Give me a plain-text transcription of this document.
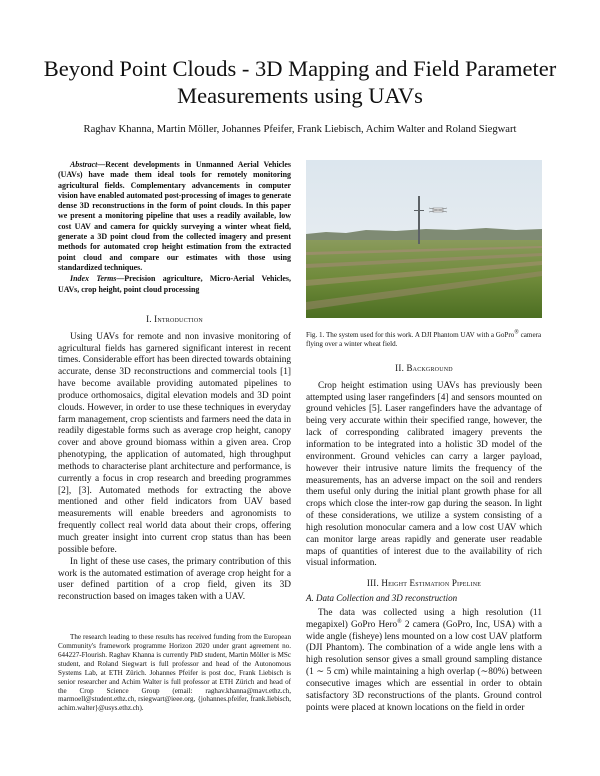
Beyond Point Clouds - 3D Mapping and Field Parameter Measurements using UAVs
Raghav Khanna, Martin Möller, Johannes Pfeifer, Frank Liebisch, Achim Walter and Roland Siegwart

Abstract—Recent developments in Unmanned Aerial Vehicles (UAVs) have made them ideal tools for remotely monitoring agricultural fields. Complementary advancements in computer vision have enabled automated post-processing of images to generate dense 3D reconstructions in the form of point clouds. In this paper we present a monitoring pipeline that uses a readily available, low cost UAV and camera for quickly surveying a winter wheat field, generate a 3D point cloud from the collected imagery and present methods for automated crop height estimation from the extracted point cloud and compare our estimates with those using standardized techniques.

Index Terms—Precision agriculture, Micro-Aerial Vehicles, UAVs, crop height, point cloud processing

I. Introduction

Using UAVs for remote and non invasive monitoring of agricultural fields has garnered significant interest in recent times. Considerable effort has been directed towards obtaining accurate, dense 3D reconstructions and commercial tools [1] have become available providing automated pipelines to produce orthomosaics, digital elevation models and 3D point clouds. However, in order to use these techniques in everyday farm management, crop scientists and farmers need the data in readily digestable forms such as average crop height, canopy cover and above ground biomass within a given area. Crop phenotyping, the application of automated, high throughput methods to characterise plant architecture and performance, is currently a focus in crop research and breeding programmes [2], [3]. Automated methods for extracting the above mentioned and other field indicators from UAV based measurements will enable breeders and agronomists to frequently collect real world data about their crops, offering much greater insight into current crop status than has been possible before.

In light of these use cases, the primary contribution of this work is the automated estimation of average crop height for a user defined partition of a crop field, given its 3D reconstruction based on images taken with a UAV.

The research leading to these results has received funding from the European Community's framework programme Horizon 2020 under grant agreement no. 644227-Flourish. Raghav Khanna is currently PhD student, Martin Möller is MSc student, and Roland Siegwart is full professor and head of the Autonomous Systems Lab, at ETH Zürich. Johannes Pfeifer is post doc, Frank Liebisch is senior researcher and Achim Walter is full professor at ETH Zürich and head of the Crop Science Group (email: raghav.khanna@mavt.ethz.ch, marmoell@student.ethz.ch, rsiegwart@ieee.org, {johannes.pfeifer, frank.liebisch, achim.walter}@usys.ethz.ch).

Fig. 1. The system used for this work. A DJI Phantom UAV with a GoPro® camera flying over a winter wheat field.

II. Background

Crop height estimation using UAVs has previously been attempted using laser rangefinders [4] and sensors mounted on ground vehicles [5]. Laser rangefinders have the advantage of being very accurate within their specified range, however, the lack of corresponding calibrated imagery prevents the information to be integrated into a holistic 3D model of the environment. Ground vehicles can carry a larger payload, however their intrusive nature limits the frequency of the measurements, has an adverse impact on the soil and renders them useful only during the initial plant growth phase for all crops which close the inter-row gap during the season. In light of these considerations, we utilize a system consisting of a high resolution monocular camera and a low cost UAV which can monitor large areas rapidly and generate user readable maps of quantities of interest due to the availability of rich visual information.

III. Height Estimation Pipeline
A. Data Collection and 3D reconstruction

The data was collected using a high resolution (11 megapixel) GoPro Hero® 2 camera (GoPro, Inc, USA) with a wide angle (fisheye) lens mounted on a low cost UAV platform (DJI Phantom). The combination of a wide angle lens with a high resolution sensor gives a small ground sampling distance (1 ∼ 5 cm) while maintaining a high overlap (∼80%) between consecutive images which are essential in order to obtain satisfactory 3D reconstructions of the plants. Ground control points were placed at known locations on the field in order
